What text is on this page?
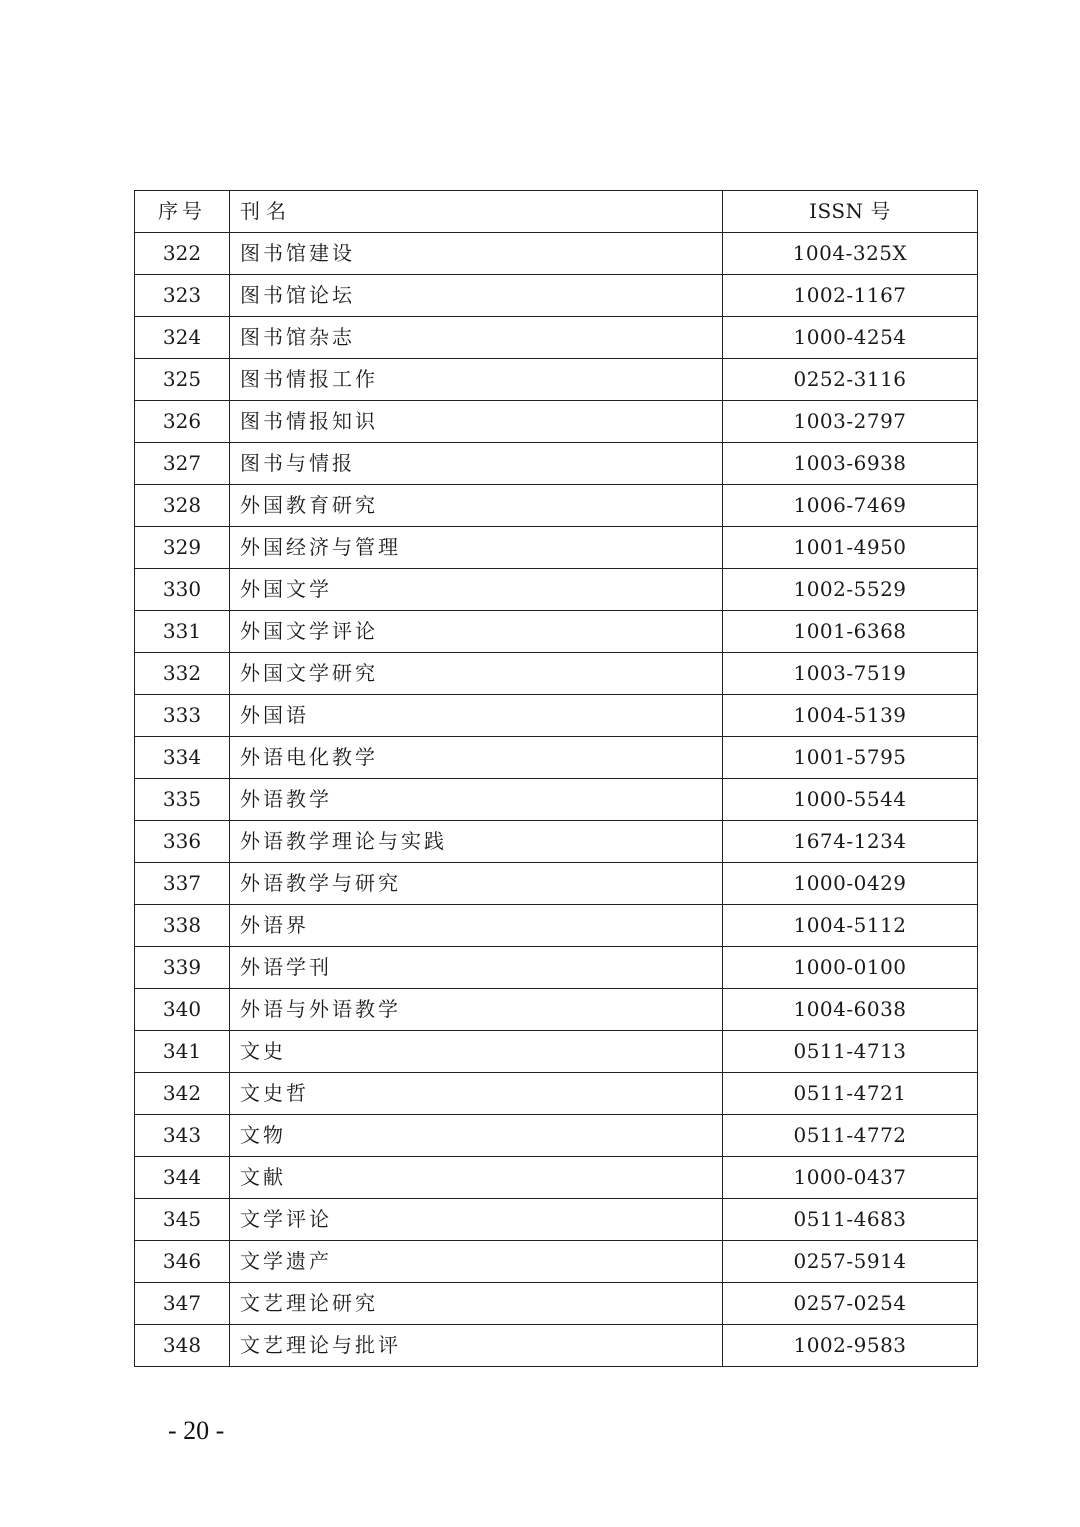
序号	刊名	ISSN 号
322	图书馆建设	1004-325X
323	图书馆论坛	1002-1167
324	图书馆杂志	1000-4254
325	图书情报工作	0252-3116
326	图书情报知识	1003-2797
327	图书与情报	1003-6938
328	外国教育研究	1006-7469
329	外国经济与管理	1001-4950
330	外国文学	1002-5529
331	外国文学评论	1001-6368
332	外国文学研究	1003-7519
333	外国语	1004-5139
334	外语电化教学	1001-5795
335	外语教学	1000-5544
336	外语教学理论与实践	1674-1234
337	外语教学与研究	1000-0429
338	外语界	1004-5112
339	外语学刊	1000-0100
340	外语与外语教学	1004-6038
341	文史	0511-4713
342	文史哲	0511-4721
343	文物	0511-4772
344	文献	1000-0437
345	文学评论	0511-4683
346	文学遗产	0257-5914
347	文艺理论研究	0257-0254
348	文艺理论与批评	1002-9583
- 20 -
